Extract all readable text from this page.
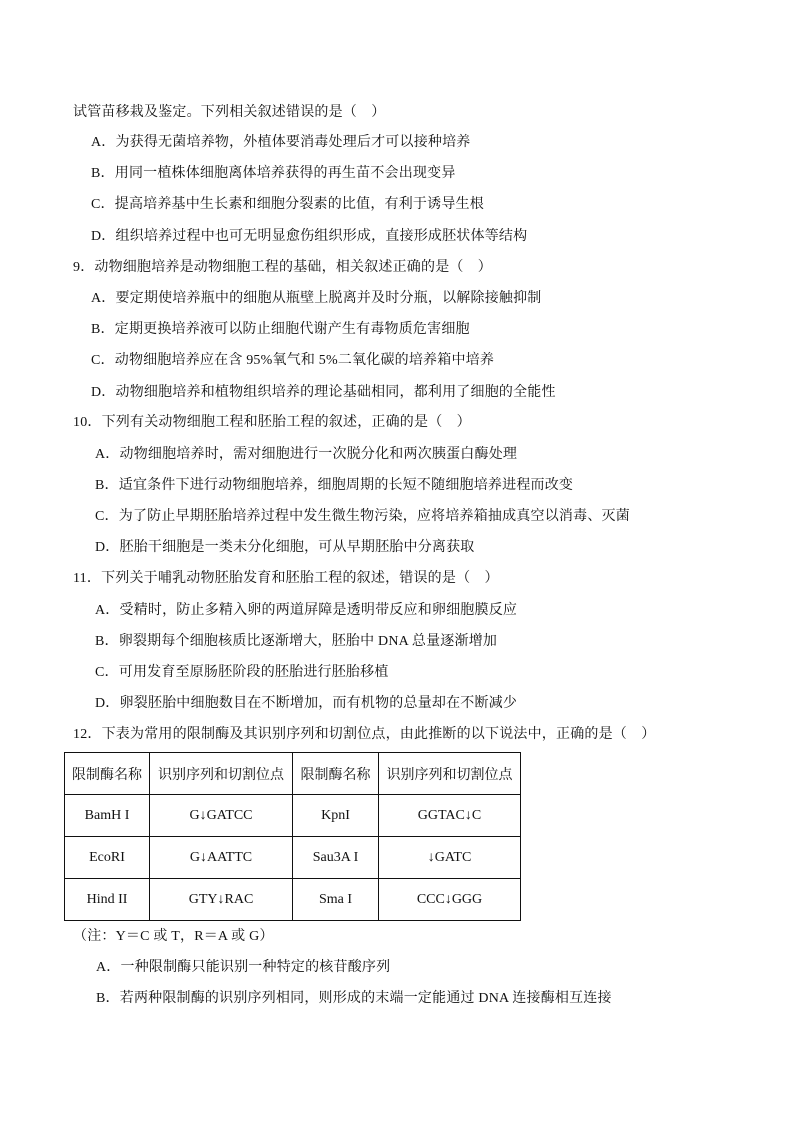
试管苗移栽及鉴定。下列相关叙述错误的是（　）
A．为获得无菌培养物，外植体要消毒处理后才可以接种培养
B．用同一植株体细胞离体培养获得的再生苗不会出现变异
C．提高培养基中生长素和细胞分裂素的比值，有利于诱导生根
D．组织培养过程中也可无明显愈伤组织形成，直接形成胚状体等结构
9．动物细胞培养是动物细胞工程的基础，相关叙述正确的是（　）
A．要定期使培养瓶中的细胞从瓶壁上脱离并及时分瓶，以解除接触抑制
B．定期更换培养液可以防止细胞代谢产生有毒物质危害细胞
C．动物细胞培养应在含 95%氧气和 5%二氧化碳的培养箱中培养
D．动物细胞培养和植物组织培养的理论基础相同，都利用了细胞的全能性
10．下列有关动物细胞工程和胚胎工程的叙述，正确的是（　）
A．动物细胞培养时，需对细胞进行一次脱分化和两次胰蛋白酶处理
B．适宜条件下进行动物细胞培养，细胞周期的长短不随细胞培养进程而改变
C．为了防止早期胚胎培养过程中发生微生物污染，应将培养箱抽成真空以消毒、灭菌
D．胚胎干细胞是一类未分化细胞，可从早期胚胎中分离获取
11．下列关于哺乳动物胚胎发育和胚胎工程的叙述，错误的是（　）
A．受精时，防止多精入卵的两道屏障是透明带反应和卵细胞膜反应
B．卵裂期每个细胞核质比逐渐增大，胚胎中 DNA 总量逐渐增加
C．可用发育至原肠胚阶段的胚胎进行胚胎移植
D．卵裂胚胎中细胞数目在不断增加，而有机物的总量却在不断减少
12．下表为常用的限制酶及其识别序列和切割位点，由此推断的以下说法中，正确的是（　）
限制酶名称	识别序列和切割位点	限制酶名称	识别序列和切割位点
BamH I	G↓GATCC	KpnI	GGTAC↓C
EcoRI	G↓AATTC	Sau3A I	↓GATC
Hind II	GTY↓RAC	Sma I	CCC↓GGG
（注：Y＝C 或 T，R＝A 或 G）
A．一种限制酶只能识别一种特定的核苷酸序列
B．若两种限制酶的识别序列相同，则形成的末端一定能通过 DNA 连接酶相互连接
